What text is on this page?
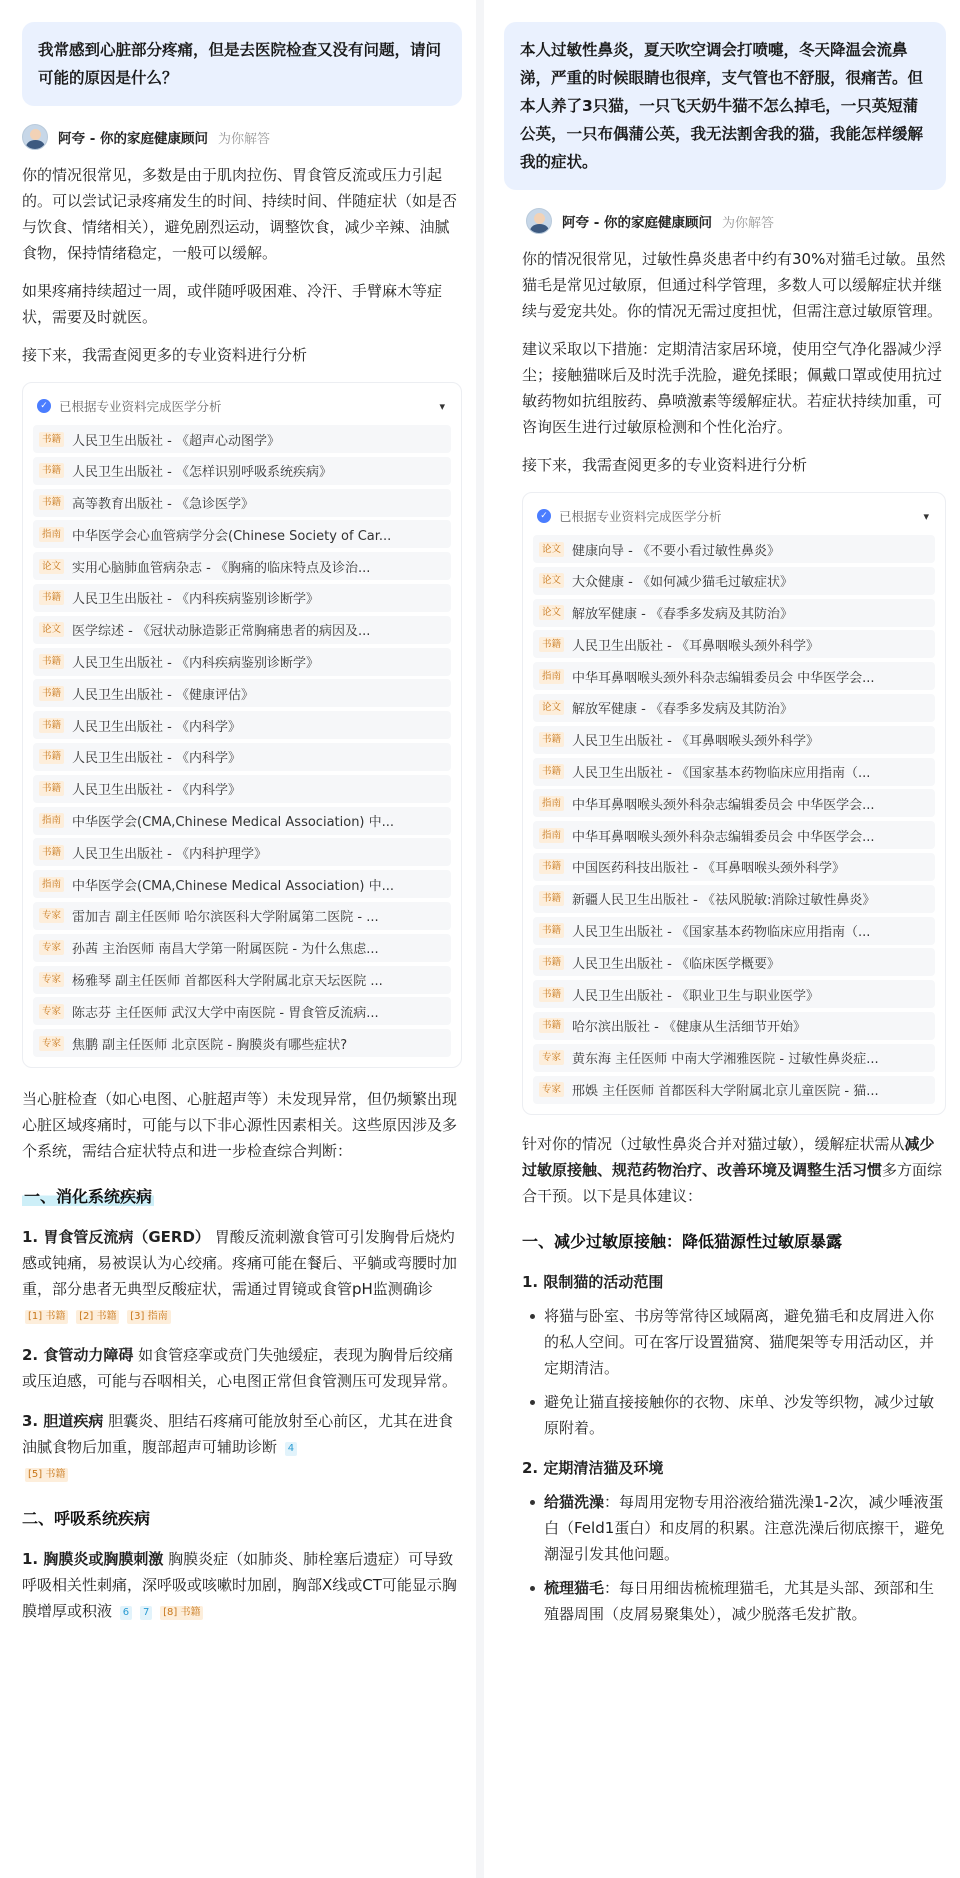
我常感到心脏部分疼痛，但是去医院检查又没有问题，请问可能的原因是什么？
阿夸 - 你的家庭健康顾问 为你解答

你的情况很常见，多数是由于肌肉拉伤、胃食管反流或压力引起的。可以尝试记录疼痛发生的时间、持续时间、伴随症状（如是否与饮食、情绪相关），避免剧烈运动，调整饮食，减少辛辣、油腻食物，保持情绪稳定，一般可以缓解。

如果疼痛持续超过一周，或伴随呼吸困难、冷汗、手臂麻木等症状，需要及时就医。

接下来，我需查阅更多的专业资料进行分析

✓ 已根据专业资料完成医学分析	▾
书籍 人民卫生出版社 - 《超声心动图学》
书籍 人民卫生出版社 - 《怎样识别呼吸系统疾病》
书籍 高等教育出版社 - 《急诊医学》
指南 中华医学会心血管病学分会(Chinese Society of Car...
论文 实用心脑肺血管病杂志 - 《胸痛的临床特点及诊治...
书籍 人民卫生出版社 - 《内科疾病鉴别诊断学》
论文 医学综述 - 《冠状动脉造影正常胸痛患者的病因及...
书籍 人民卫生出版社 - 《内科疾病鉴别诊断学》
书籍 人民卫生出版社 - 《健康评估》
书籍 人民卫生出版社 - 《内科学》
书籍 人民卫生出版社 - 《内科学》
书籍 人民卫生出版社 - 《内科学》
指南 中华医学会(CMA,Chinese Medical Association) 中...
书籍 人民卫生出版社 - 《内科护理学》
指南 中华医学会(CMA,Chinese Medical Association) 中...
专家 雷加吉 副主任医师 哈尔滨医科大学附属第二医院 - ...
专家 孙茜 主治医师 南昌大学第一附属医院 - 为什么焦虑...
专家 杨雅琴 副主任医师 首都医科大学附属北京天坛医院 ...
专家 陈志芬 主任医师 武汉大学中南医院 - 胃食管反流病...
专家 焦鹏 副主任医师 北京医院 - 胸膜炎有哪些症状?

当心脏检查（如心电图、心脏超声等）未发现异常，但仍频繁出现心脏区域疼痛时，可能与以下非心源性因素相关。这些原因涉及多个系统，需结合症状特点和进一步检查综合判断：

一、消化系统疾病

1. 胃食管反流病（GERD） 胃酸反流刺激食管可引发胸骨后烧灼感或钝痛，易被误认为心绞痛。疼痛可能在餐后、平躺或弯腰时加重，部分患者无典型反酸症状，需通过胃镜或食管pH监测确诊 [1] 书籍 [2] 书籍 [3] 指南

2. 食管动力障碍 如食管痉挛或贲门失弛缓症，表现为胸骨后绞痛或压迫感，可能与吞咽相关，心电图正常但食管测压可发现异常。

3. 胆道疾病 胆囊炎、胆结石疼痛可能放射至心前区，尤其在进食油腻食物后加重，腹部超声可辅助诊断 4
[5] 书籍

二、呼吸系统疾病

1. 胸膜炎或胸膜刺激 胸膜炎症（如肺炎、肺栓塞后遗症）可导致呼吸相关性刺痛，深呼吸或咳嗽时加剧，胸部X线或CT可能显示胸膜增厚或积液 6 7 [8] 书籍

本人过敏性鼻炎，夏天吹空调会打喷嚏，冬天降温会流鼻涕，严重的时候眼睛也很痒，支气管也不舒服，很痛苦。但本人养了3只猫，一只飞天奶牛猫不怎么掉毛，一只英短蒲公英，一只布偶蒲公英，我无法割舍我的猫，我能怎样缓解我的症状。
阿夸 - 你的家庭健康顾问 为你解答

你的情况很常见，过敏性鼻炎患者中约有30%对猫毛过敏。虽然猫毛是常见过敏原，但通过科学管理，多数人可以缓解症状并继续与爱宠共处。你的情况无需过度担忧，但需注意过敏原管理。

建议采取以下措施：定期清洁家居环境，使用空气净化器减少浮尘；接触猫咪后及时洗手洗脸，避免揉眼；佩戴口罩或使用抗过敏药物如抗组胺药、鼻喷激素等缓解症状。若症状持续加重，可咨询医生进行过敏原检测和个性化治疗。

接下来，我需查阅更多的专业资料进行分析

✓ 已根据专业资料完成医学分析	▾
论文 健康向导 - 《不要小看过敏性鼻炎》
论文 大众健康 - 《如何减少猫毛过敏症状》
论文 解放军健康 - 《春季多发病及其防治》
书籍 人民卫生出版社 - 《耳鼻咽喉头颈外科学》
指南 中华耳鼻咽喉头颈外科杂志编辑委员会 中华医学会...
论文 解放军健康 - 《春季多发病及其防治》
书籍 人民卫生出版社 - 《耳鼻咽喉头颈外科学》
书籍 人民卫生出版社 - 《国家基本药物临床应用指南（...
指南 中华耳鼻咽喉头颈外科杂志编辑委员会 中华医学会...
指南 中华耳鼻咽喉头颈外科杂志编辑委员会 中华医学会...
书籍 中国医药科技出版社 - 《耳鼻咽喉头颈外科学》
书籍 新疆人民卫生出版社 - 《祛风脱敏:消除过敏性鼻炎》
书籍 人民卫生出版社 - 《国家基本药物临床应用指南（...
书籍 人民卫生出版社 - 《临床医学概要》
书籍 人民卫生出版社 - 《职业卫生与职业医学》
书籍 哈尔滨出版社 - 《健康从生活细节开始》
专家 黄东海 主任医师 中南大学湘雅医院 - 过敏性鼻炎症...
专家 邢娛 主任医师 首都医科大学附属北京儿童医院 - 猫...

针对你的情况（过敏性鼻炎合并对猫过敏），缓解症状需从减少过敏原接触、规范药物治疗、改善环境及调整生活习惯多方面综合干预。以下是具体建议：

一、减少过敏原接触：降低猫源性过敏原暴露
1. 限制猫的活动范围
将猫与卧室、书房等常待区域隔离，避免猫毛和皮屑进入你的私人空间。可在客厅设置猫窝、猫爬架等专用活动区，并定期清洁。
避免让猫直接接触你的衣物、床单、沙发等织物，减少过敏原附着。
2. 定期清洁猫及环境
给猫洗澡：每周用宠物专用浴液给猫洗澡1-2次，减少唾液蛋白（Feld1蛋白）和皮屑的积累。注意洗澡后彻底擦干，避免潮湿引发其他问题。
梳理猫毛：每日用细齿梳梳理猫毛，尤其是头部、颈部和生殖器周围（皮屑易聚集处），减少脱落毛发扩散。
